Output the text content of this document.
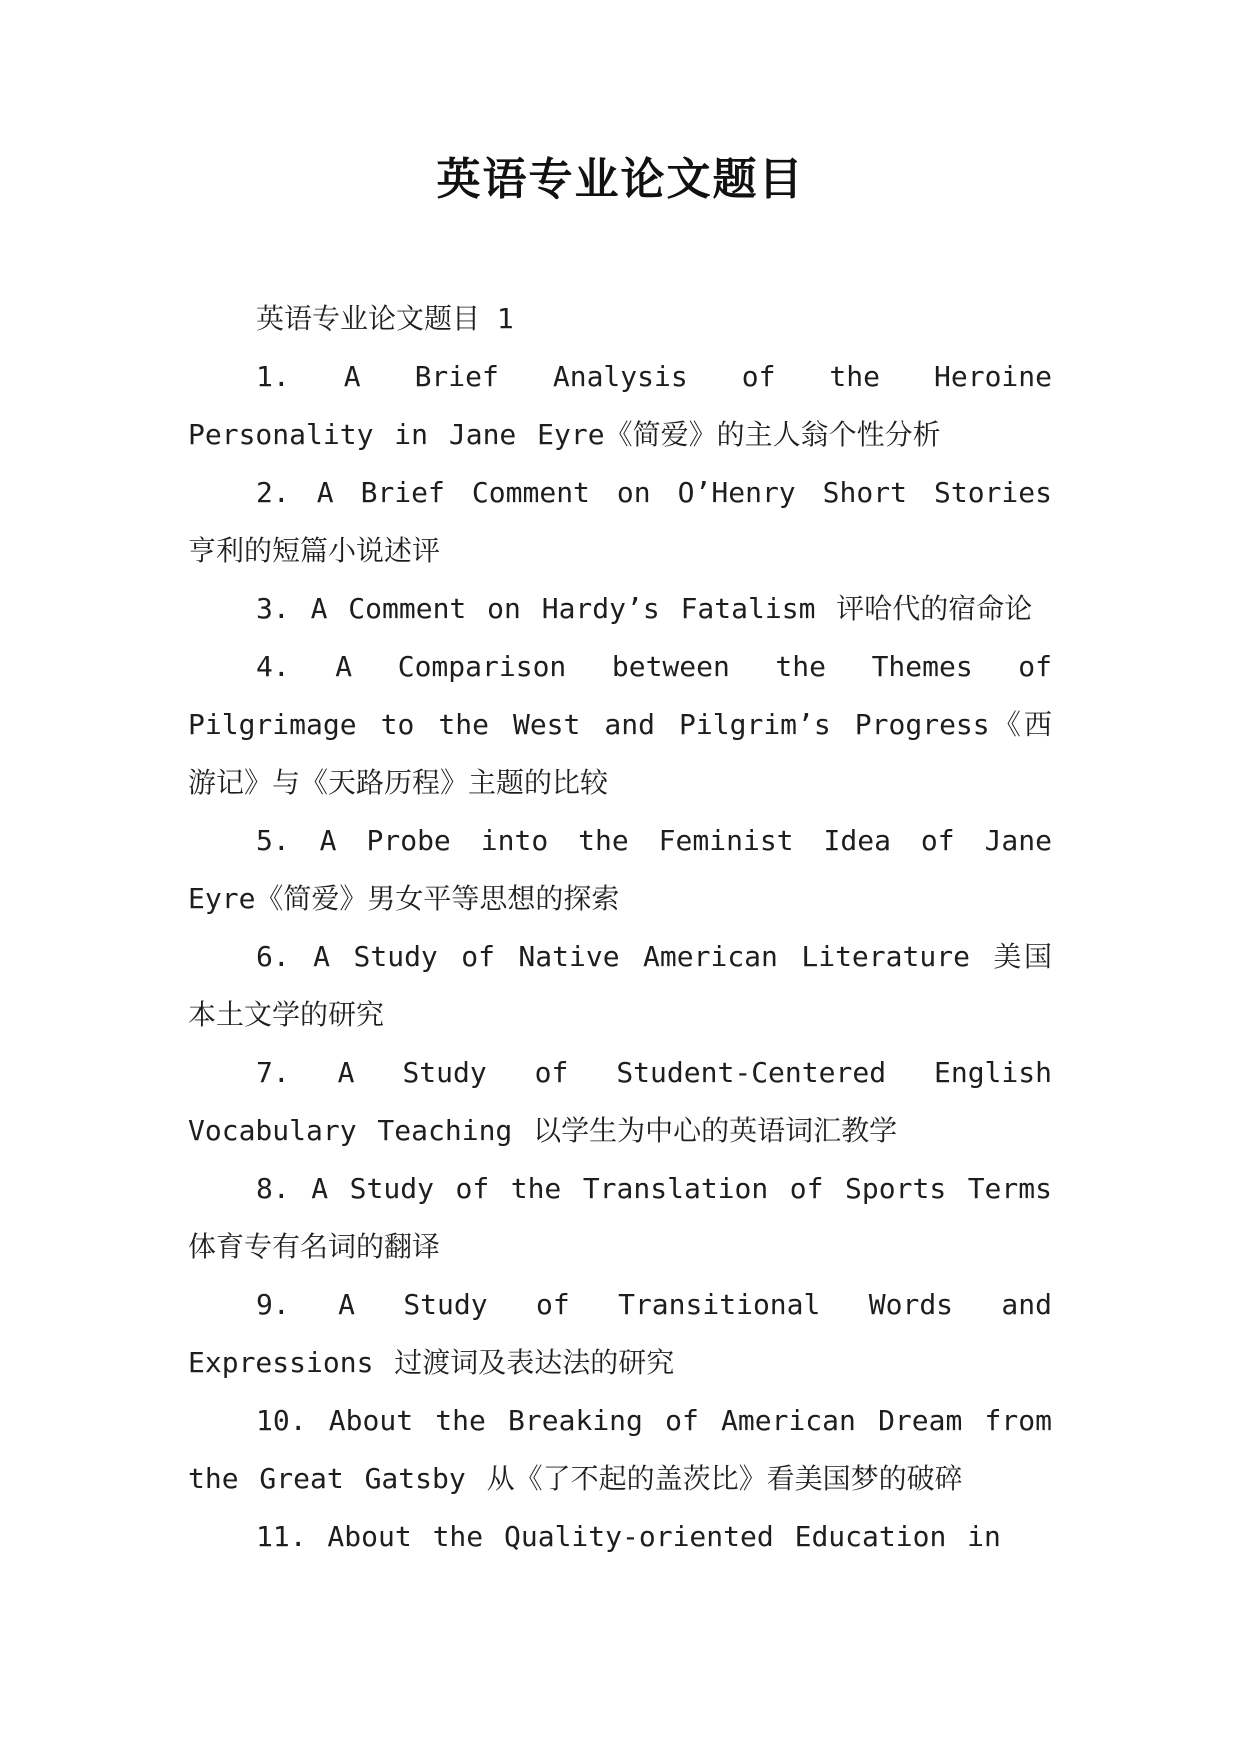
英语专业论文题目

英语专业论文题目 1

1. A Brief Analysis of the Heroine Personality in Jane Eyre《简爱》的主人翁个性分析

2. A Brief Comment on O’Henry Short Stories 亨利的短篇小说述评

3. A Comment on Hardy’s Fatalism 评哈代的宿命论

4. A Comparison between the Themes of Pilgrimage to the West and Pilgrim’s Progress《西游记》与《天路历程》主题的比较

5. A Probe into the Feminist Idea of Jane Eyre《简爱》男女平等思想的探索

6. A Study of Native American Literature 美国本土文学的研究

7. A Study of Student-Centered English Vocabulary Teaching 以学生为中心的英语词汇教学

8. A Study of the Translation of Sports Terms 体育专有名词的翻译

9. A Study of Transitional Words and Expressions 过渡词及表达法的研究

10. About the Breaking of American Dream from the Great Gatsby 从《了不起的盖茨比》看美国梦的破碎

11. About the Quality-oriented Education in
